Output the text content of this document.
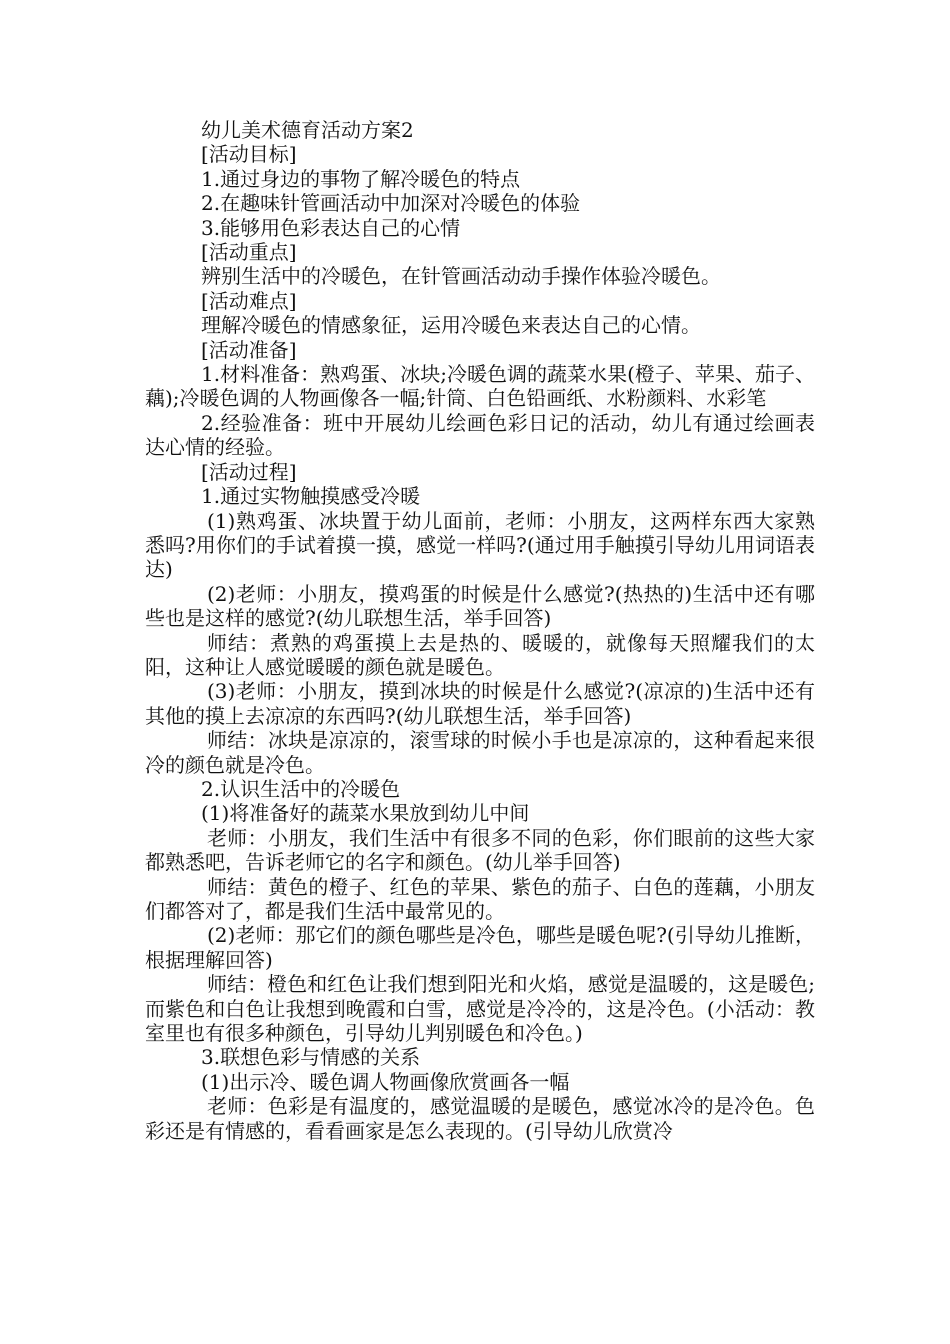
幼儿美术德育活动方案2

[活动目标]

1.通过身边的事物了解冷暖色的特点

2.在趣味针管画活动中加深对冷暖色的体验

3.能够用色彩表达自己的心情

[活动重点]

辨别生活中的冷暖色，在针管画活动动手操作体验冷暖色。

[活动难点]

理解冷暖色的情感象征，运用冷暖色来表达自己的心情。

[活动准备]

1.材料准备：熟鸡蛋、冰块;冷暖色调的蔬菜水果(橙子、苹果、茄子、藕);冷暖色调的人物画像各一幅;针筒、白色铅画纸、水粉颜料、水彩笔

2.经验准备：班中开展幼儿绘画色彩日记的活动，幼儿有通过绘画表达心情的经验。

[活动过程]

1.通过实物触摸感受冷暖

(1)熟鸡蛋、冰块置于幼儿面前，老师：小朋友，这两样东西大家熟悉吗?用你们的手试着摸一摸，感觉一样吗?(通过用手触摸引导幼儿用词语表达)

(2)老师：小朋友，摸鸡蛋的时候是什么感觉?(热热的)生活中还有哪些也是这样的感觉?(幼儿联想生活，举手回答)

师结：煮熟的鸡蛋摸上去是热的、暖暖的，就像每天照耀我们的太阳，这种让人感觉暖暖的颜色就是暖色。

(3)老师：小朋友，摸到冰块的时候是什么感觉?(凉凉的)生活中还有其他的摸上去凉凉的东西吗?(幼儿联想生活，举手回答)

师结：冰块是凉凉的，滚雪球的时候小手也是凉凉的，这种看起来很冷的颜色就是冷色。

2.认识生活中的冷暖色

(1)将准备好的蔬菜水果放到幼儿中间

老师：小朋友，我们生活中有很多不同的色彩，你们眼前的这些大家都熟悉吧，告诉老师它的名字和颜色。(幼儿举手回答)

师结：黄色的橙子、红色的苹果、紫色的茄子、白色的莲藕，小朋友们都答对了，都是我们生活中最常见的。

(2)老师：那它们的颜色哪些是冷色，哪些是暖色呢?(引导幼儿推断，根据理解回答)

师结：橙色和红色让我们想到阳光和火焰，感觉是温暖的，这是暖色;而紫色和白色让我想到晚霞和白雪，感觉是冷冷的，这是冷色。(小活动：教室里也有很多种颜色，引导幼儿判别暖色和冷色。)

3.联想色彩与情感的关系

(1)出示冷、暖色调人物画像欣赏画各一幅

老师：色彩是有温度的，感觉温暖的是暖色，感觉冰冷的是冷色。色彩还是有情感的，看看画家是怎么表现的。(引导幼儿欣赏冷
